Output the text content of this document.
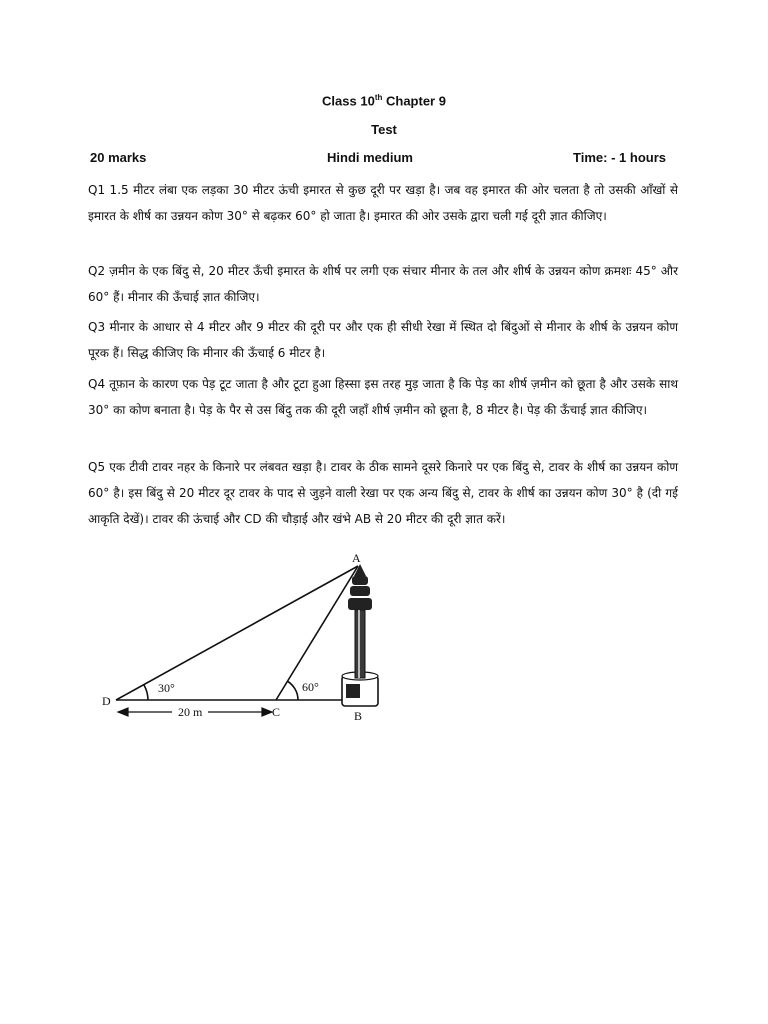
Class 10th Chapter 9
Test
20 marks	Hindi medium	Time: - 1 hours
Q1 1.5 मीटर लंबा एक लड़का 30 मीटर ऊंची इमारत से कुछ दूरी पर खड़ा है। जब वह इमारत की ओर चलता है तो उसकी आँखों से इमारत के शीर्ष का उन्नयन कोण 30° से बढ़कर 60° हो जाता है। इमारत की ओर उसके द्वारा चली गई दूरी ज्ञात कीजिए।
Q2 ज़मीन के एक बिंदु से, 20 मीटर ऊँची इमारत के शीर्ष पर लगी एक संचार मीनार के तल और शीर्ष के उन्नयन कोण क्रमशः 45° और 60° हैं। मीनार की ऊँचाई ज्ञात कीजिए।
Q3 मीनार के आधार से 4 मीटर और 9 मीटर की दूरी पर और एक ही सीधी रेखा में स्थित दो बिंदुओं से मीनार के शीर्ष के उन्नयन कोण पूरक हैं। सिद्ध कीजिए कि मीनार की ऊँचाई 6 मीटर है।
Q4 तूफ़ान के कारण एक पेड़ टूट जाता है और टूटा हुआ हिस्सा इस तरह मुड़ जाता है कि पेड़ का शीर्ष ज़मीन को छूता है और उसके साथ 30° का कोण बनाता है। पेड़ के पैर से उस बिंदु तक की दूरी जहाँ शीर्ष ज़मीन को छूता है, 8 मीटर है। पेड़ की ऊँचाई ज्ञात कीजिए।
Q5 एक टीवी टावर नहर के किनारे पर लंबवत खड़ा है। टावर के ठीक सामने दूसरे किनारे पर एक बिंदु से, टावर के शीर्ष का उन्नयन कोण 60° है। इस बिंदु से 20 मीटर दूर टावर के पाद से जुड़ने वाली रेखा पर एक अन्य बिंदु से, टावर के शीर्ष का उन्नयन कोण 30° है (दी गई आकृति देखें)। टावर की ऊंचाई और CD की चौड़ाई और खंभे AB से 20 मीटर की दूरी ज्ञात करें।
A
B
C
D
30°	60°
20 m
